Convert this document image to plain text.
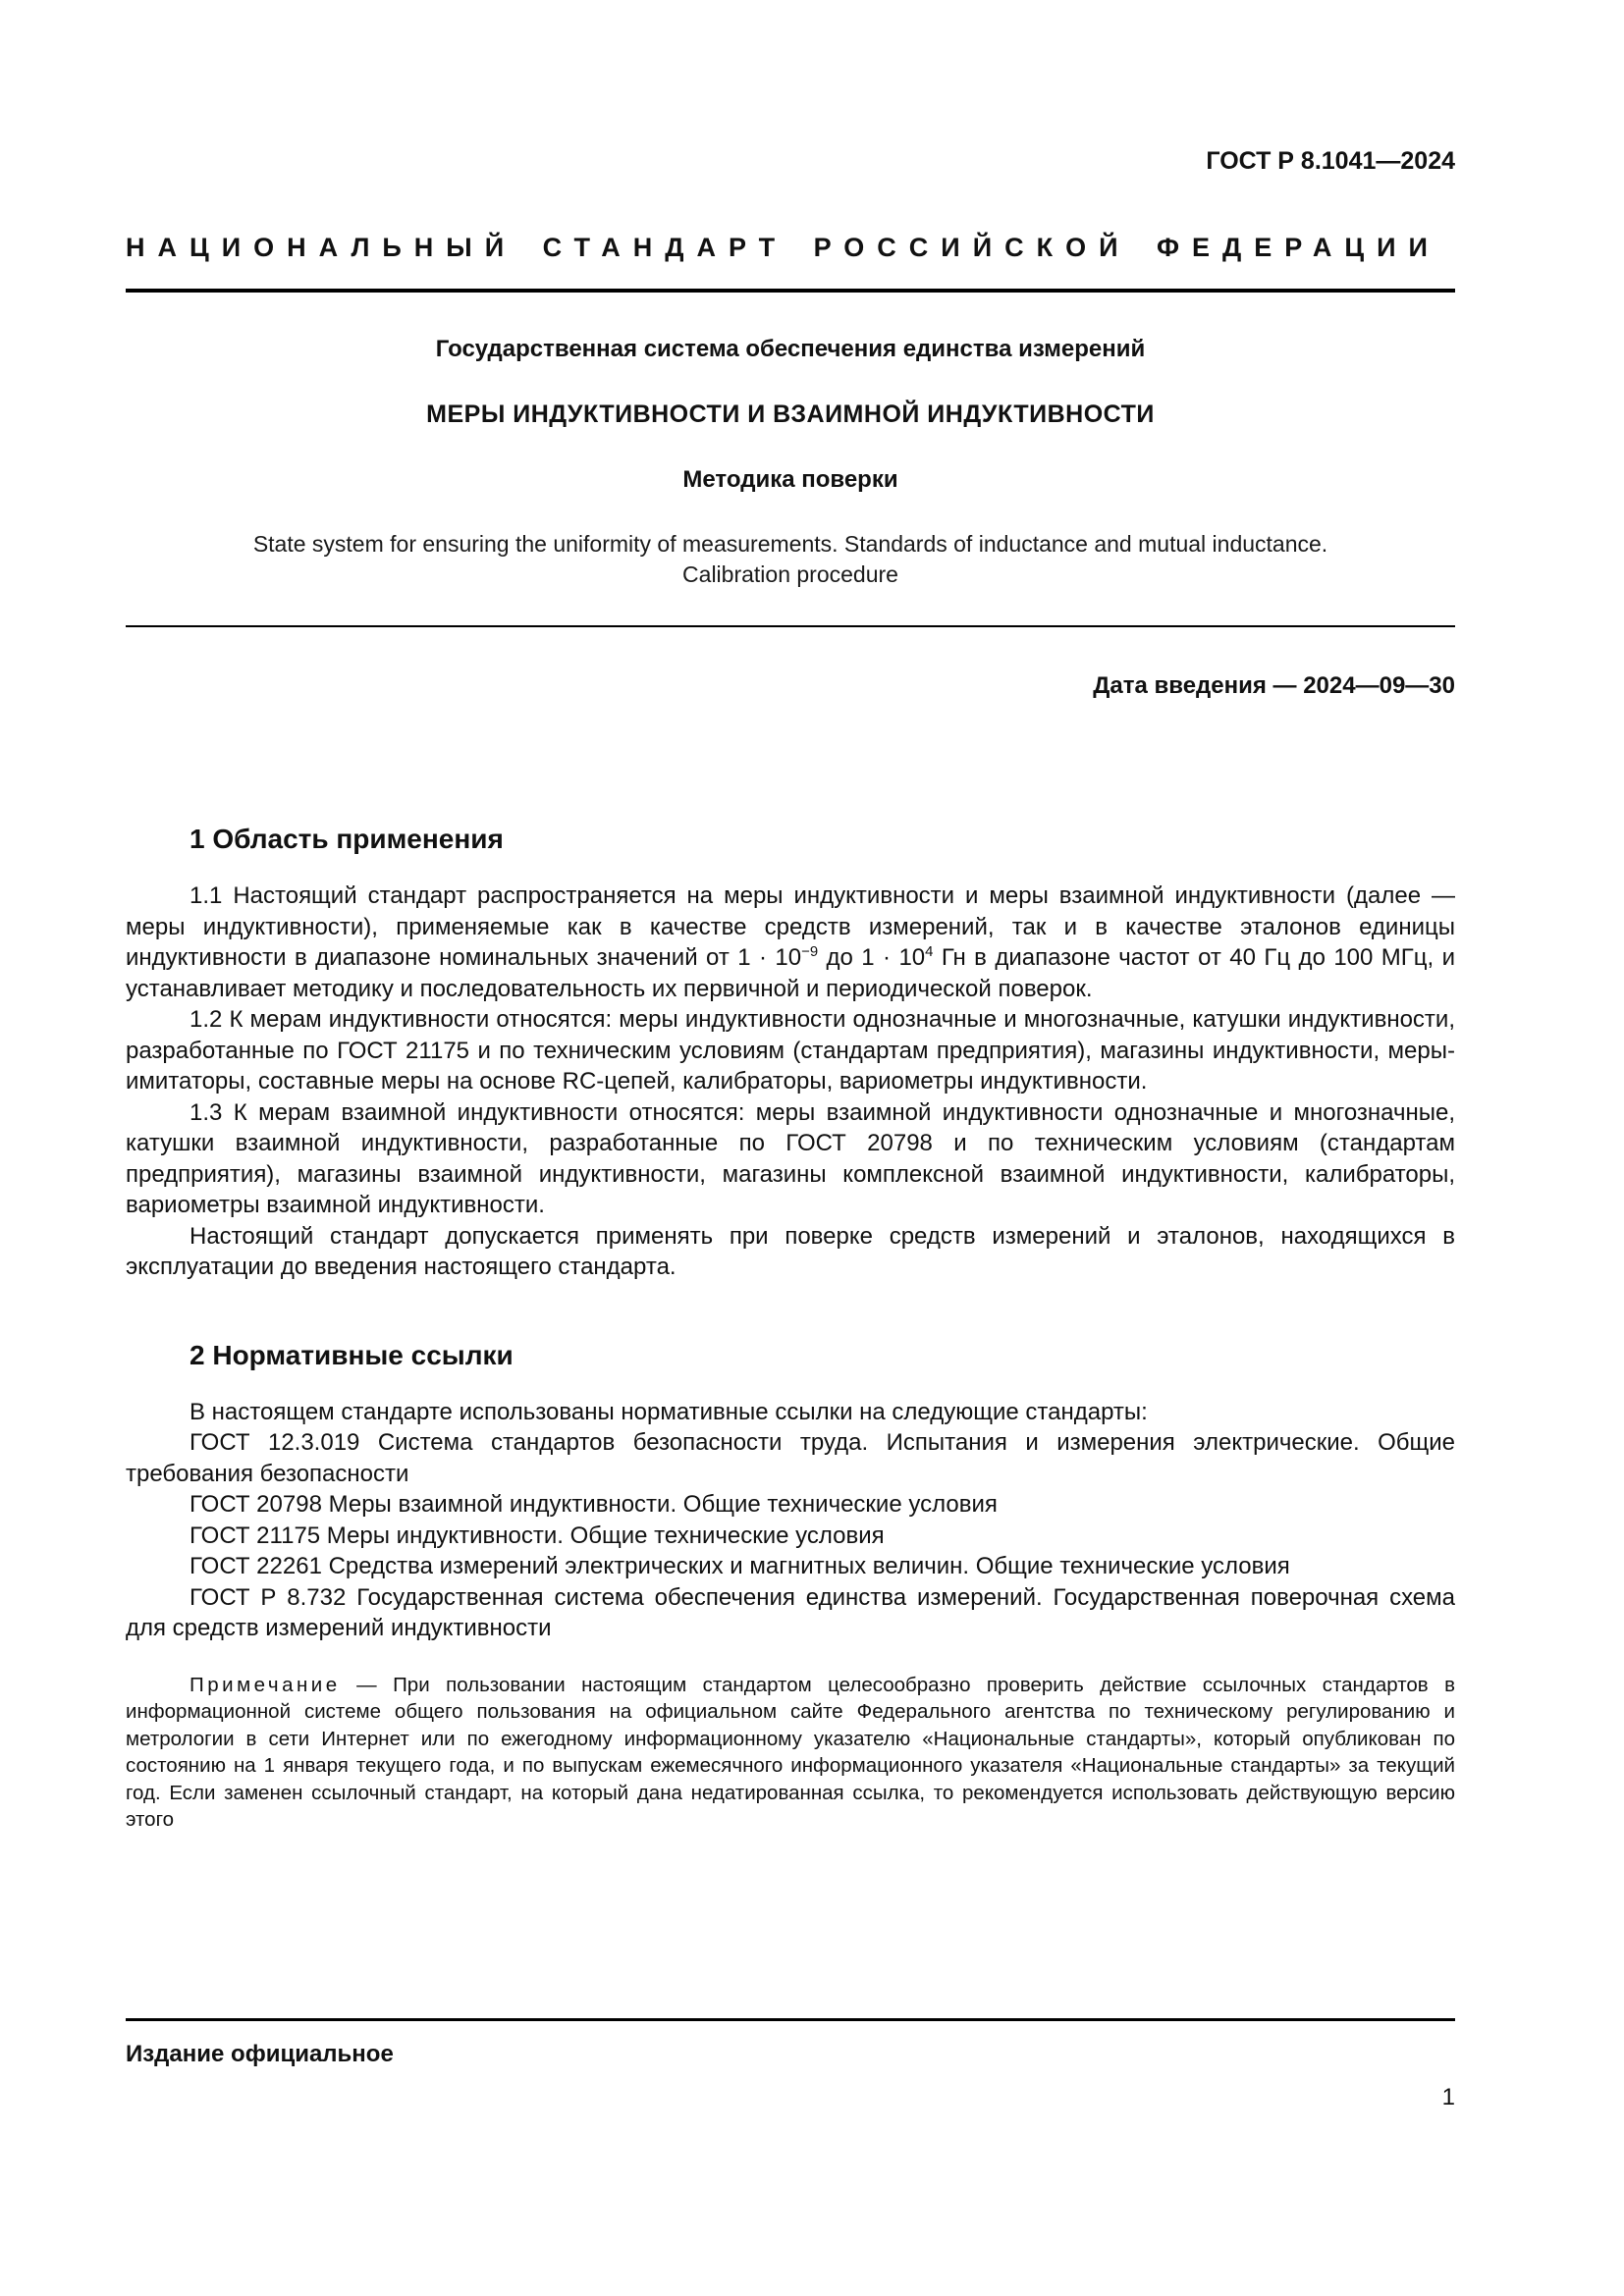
ГОСТ Р 8.1041—2024
НАЦИОНАЛЬНЫЙ СТАНДАРТ РОССИЙСКОЙ ФЕДЕРАЦИИ

Государственная система обеспечения единства измерений

МЕРЫ ИНДУКТИВНОСТИ И ВЗАИМНОЙ ИНДУКТИВНОСТИ

Методика поверки

State system for ensuring the uniformity of measurements. Standards of inductance and mutual inductance.
Calibration procedure

Дата введения — 2024—09—30

1 Область применения

1.1 Настоящий стандарт распространяется на меры индуктивности и меры взаимной индуктивности (далее — меры индуктивности), применяемые как в качестве средств измерений, так и в качестве эталонов единицы индуктивности в диапазоне номинальных значений от $1 \cdot 10^{-9}$ до $1 \cdot 10^4$ Гн в диапазоне частот от 40 Гц до 100 МГц, и устанавливает методику и последовательность их первичной и периодической поверок.

1.2 К мерам индуктивности относятся: меры индуктивности однозначные и многозначные, катушки индуктивности, разработанные по ГОСТ 21175 и по техническим условиям (стандартам предприятия), магазины индуктивности, меры-имитаторы, составные меры на основе RC-цепей, калибраторы, вариометры индуктивности.

1.3 К мерам взаимной индуктивности относятся: меры взаимной индуктивности однозначные и многозначные, катушки взаимной индуктивности, разработанные по ГОСТ 20798 и по техническим условиям (стандартам предприятия), магазины взаимной индуктивности, магазины комплексной взаимной индуктивности, калибраторы, вариометры взаимной индуктивности.

Настоящий стандарт допускается применять при поверке средств измерений и эталонов, находящихся в эксплуатации до введения настоящего стандарта.

2 Нормативные ссылки

В настоящем стандарте использованы нормативные ссылки на следующие стандарты:

ГОСТ 12.3.019 Система стандартов безопасности труда. Испытания и измерения электрические. Общие требования безопасности

ГОСТ 20798 Меры взаимной индуктивности. Общие технические условия

ГОСТ 21175 Меры индуктивности. Общие технические условия

ГОСТ 22261 Средства измерений электрических и магнитных величин. Общие технические условия

ГОСТ Р 8.732 Государственная система обеспечения единства измерений. Государственная поверочная схема для средств измерений индуктивности

Примечание — При пользовании настоящим стандартом целесообразно проверить действие ссылочных стандартов в информационной системе общего пользования на официальном сайте Федерального агентства по техническому регулированию и метрологии в сети Интернет или по ежегодному информационному указателю «Национальные стандарты», который опубликован по состоянию на 1 января текущего года, и по выпускам ежемесячного информационного указателя «Национальные стандарты» за текущий год. Если заменен ссылочный стандарт, на который дана недатированная ссылка, то рекомендуется использовать действующую версию этого

Издание официальное

1
